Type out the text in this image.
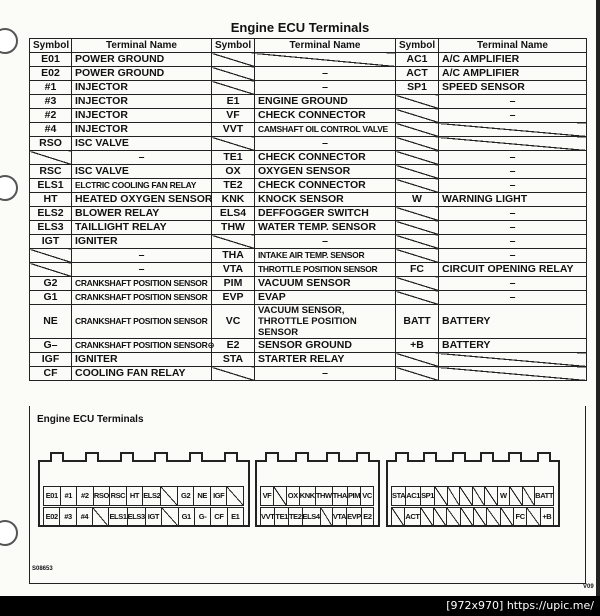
Engine ECU Terminals
Symbol	Terminal Name	Symbol	Terminal Name	Symbol	Terminal Name
E01	POWER GROUND			AC1	A/C AMPLIFIER
E02	POWER GROUND		–	ACT	A/C AMPLIFIER
#1	INJECTOR		–	SP1	SPEED SENSOR
#3	INJECTOR	E1	ENGINE GROUND		–
#2	INJECTOR	VF	CHECK CONNECTOR		–
#4	INJECTOR	VVT	CAMSHAFT OIL CONTROL VALVE		
RSO	ISC VALVE		–		
	–	TE1	CHECK CONNECTOR		–
RSC	ISC VALVE	OX	OXYGEN SENSOR		–
ELS1	ELCTRIC COOLING FAN RELAY	TE2	CHECK CONNECTOR		–
HT	HEATED OXYGEN SENSOR	KNK	KNOCK SENSOR	W	WARNING LIGHT
ELS2	BLOWER RELAY	ELS4	DEFFOGGER SWITCH		–
ELS3	TAILLIGHT RELAY	THW	WATER TEMP. SENSOR		–
IGT	IGNITER		–		–
	–	THA	INTAKE AIR TEMP. SENSOR		–
	–	VTA	THROTTLE POSITION SENSOR	FC	CIRCUIT OPENING RELAY
G2	CRANKSHAFT POSITION SENSOR	PIM	VACUUM SENSOR		–
G1	CRANKSHAFT POSITION SENSOR	EVP	EVAP		–
NE	CRANKSHAFT POSITION SENSOR	VC	VACUUM SENSOR, THROTTLE POSITION SENSOR	BATT	BATTERY
G–	CRANKSHAFT POSITION SENSOR⊖	E2	SENSOR GROUND	+B	BATTERY
IGF	IGNITER	STA	STARTER RELAY		
CF	COOLING FAN RELAY		–		
Engine ECU Terminals
E01 #1	#2 RSO RSC HT ELS2	G2 NE IGF
E02 #3	#4	ELS1 ELS3 IGT	G1	G-	CF	E1
VF	OX KNK THW THA PIM VC
VVT TE1 TE2 ELS4 VTA EVP E2
STA AC1 SP1	W	BATT
ACT	FC	+B
S08653
V09
[972x970] https://upic.me/
